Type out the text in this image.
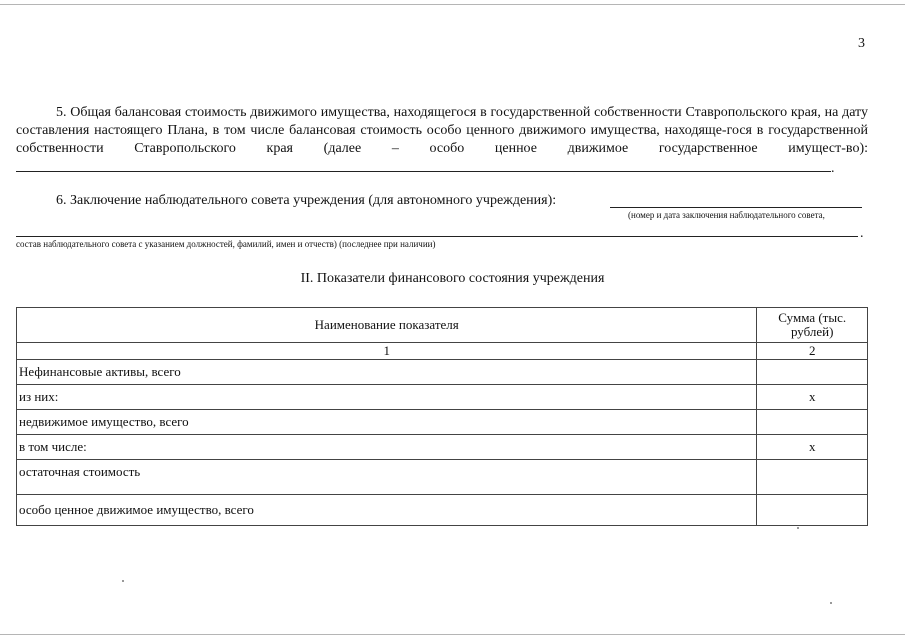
3
5. Общая балансовая стоимость движимого имущества, находящегося в государственной собственности Ставропольского края, на дату составления настоящего Плана, в том числе балансовая стоимость особо ценного движимого имущества, находяще-гося в государственной собственности Ставропольского края (далее – особо ценное движимое государственное имущест-во): .
6. Заключение наблюдательного совета учреждения (для автономного учреждения):
(номер и дата заключения наблюдательного совета,
.
состав наблюдательного совета с указанием должностей, фамилий, имен и отчеств) (последнее при наличии)
II. Показатели финансового состояния учреждения
Наименование показателя	Сумма (тыс. рублей)
1	2
Нефинансовые активы, всего	
из них:	x
недвижимое имущество, всего	
в том числе:	x
остаточная стоимость	
особо ценное движимое имущество, всего	
